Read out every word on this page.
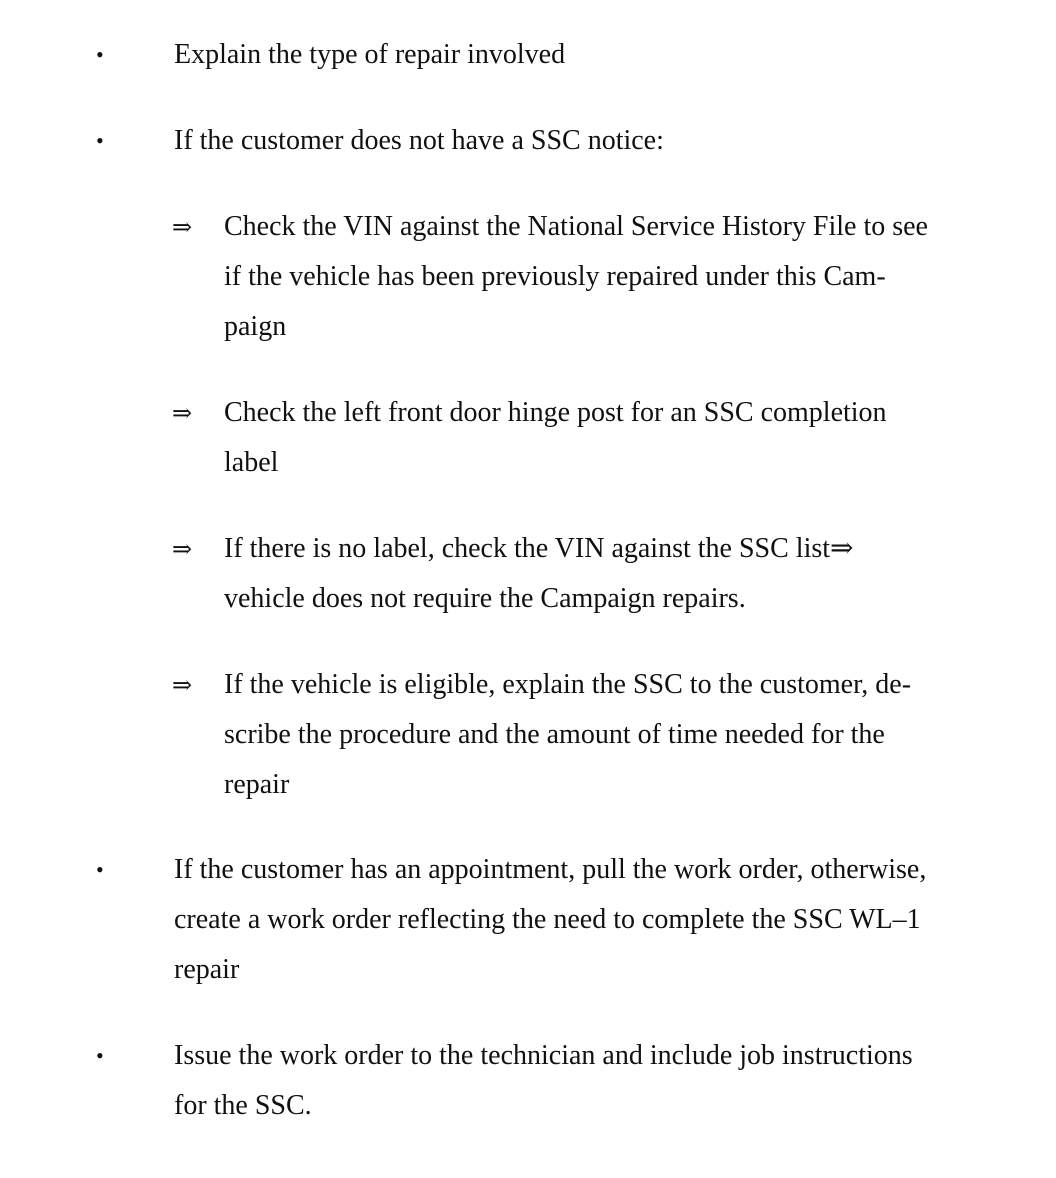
•	Explain the type of repair involved
•	If the customer does not have a SSC notice:
⇒ Check the VIN against the National Service History File to see
if the vehicle has been previously repaired under this Cam-
paign
⇒ Check the left front door hinge post for an SSC completion
label
⇒ If there is no label, check the VIN against the SSC list⇒
vehicle does not require the Campaign repairs.
⇒ If the vehicle is eligible, explain the SSC to the customer, de-
scribe the procedure and the amount of time needed for the
repair
•	If the customer has an appointment, pull the work order, otherwise,
create a work order reflecting the need to complete the SSC WL–1
repair
•	Issue the work order to the technician and include job instructions
for the SSC.
